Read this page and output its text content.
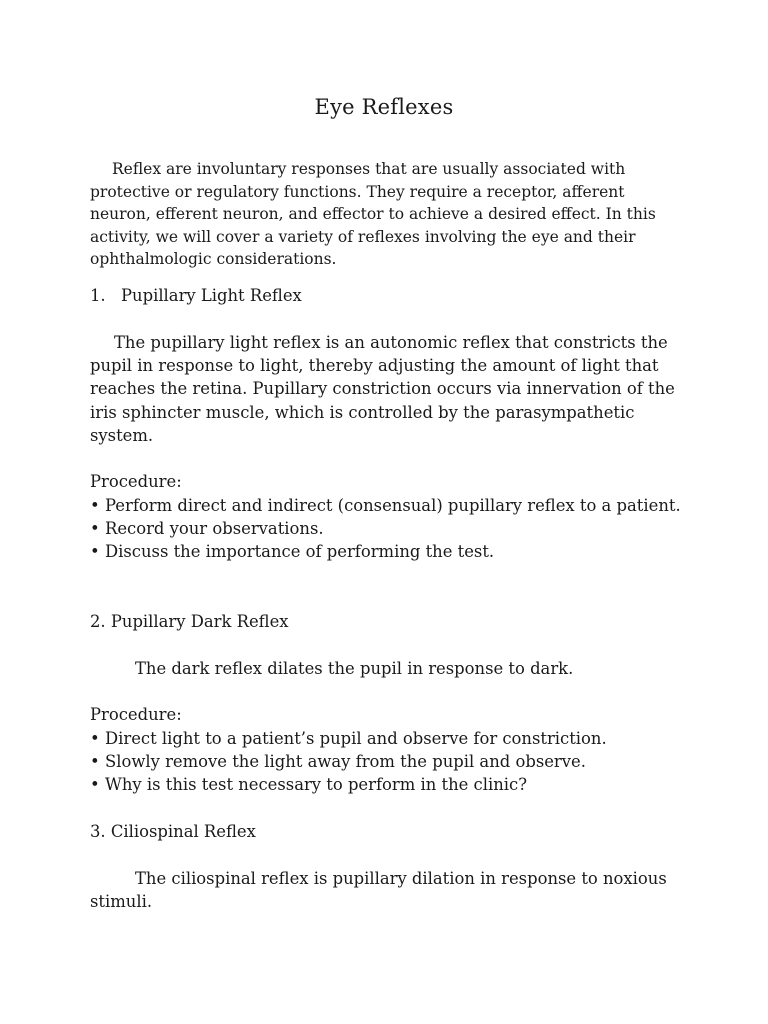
Eye Reflexes

Reflex are involuntary responses that are usually associated with protective or regulatory functions. They require a receptor, afferent neuron, efferent neuron, and effector to achieve a desired effect. In this activity, we will cover a variety of reflexes involving the eye and their ophthalmologic considerations.

1. Pupillary Light Reflex

The pupillary light reflex is an autonomic reflex that constricts the pupil in response to light, thereby adjusting the amount of light that reaches the retina. Pupillary constriction occurs via innervation of the iris sphincter muscle, which is controlled by the parasympathetic system.

Procedure:
• Perform direct and indirect (consensual) pupillary reflex to a patient.
• Record your observations.
• Discuss the importance of performing the test.
2. Pupillary Dark Reflex

The dark reflex dilates the pupil in response to dark.

Procedure:
• Direct light to a patient’s pupil and observe for constriction.
• Slowly remove the light away from the pupil and observe.
• Why is this test necessary to perform in the clinic?
3. Ciliospinal Reflex

The ciliospinal reflex is pupillary dilation in response to noxious stimuli.
